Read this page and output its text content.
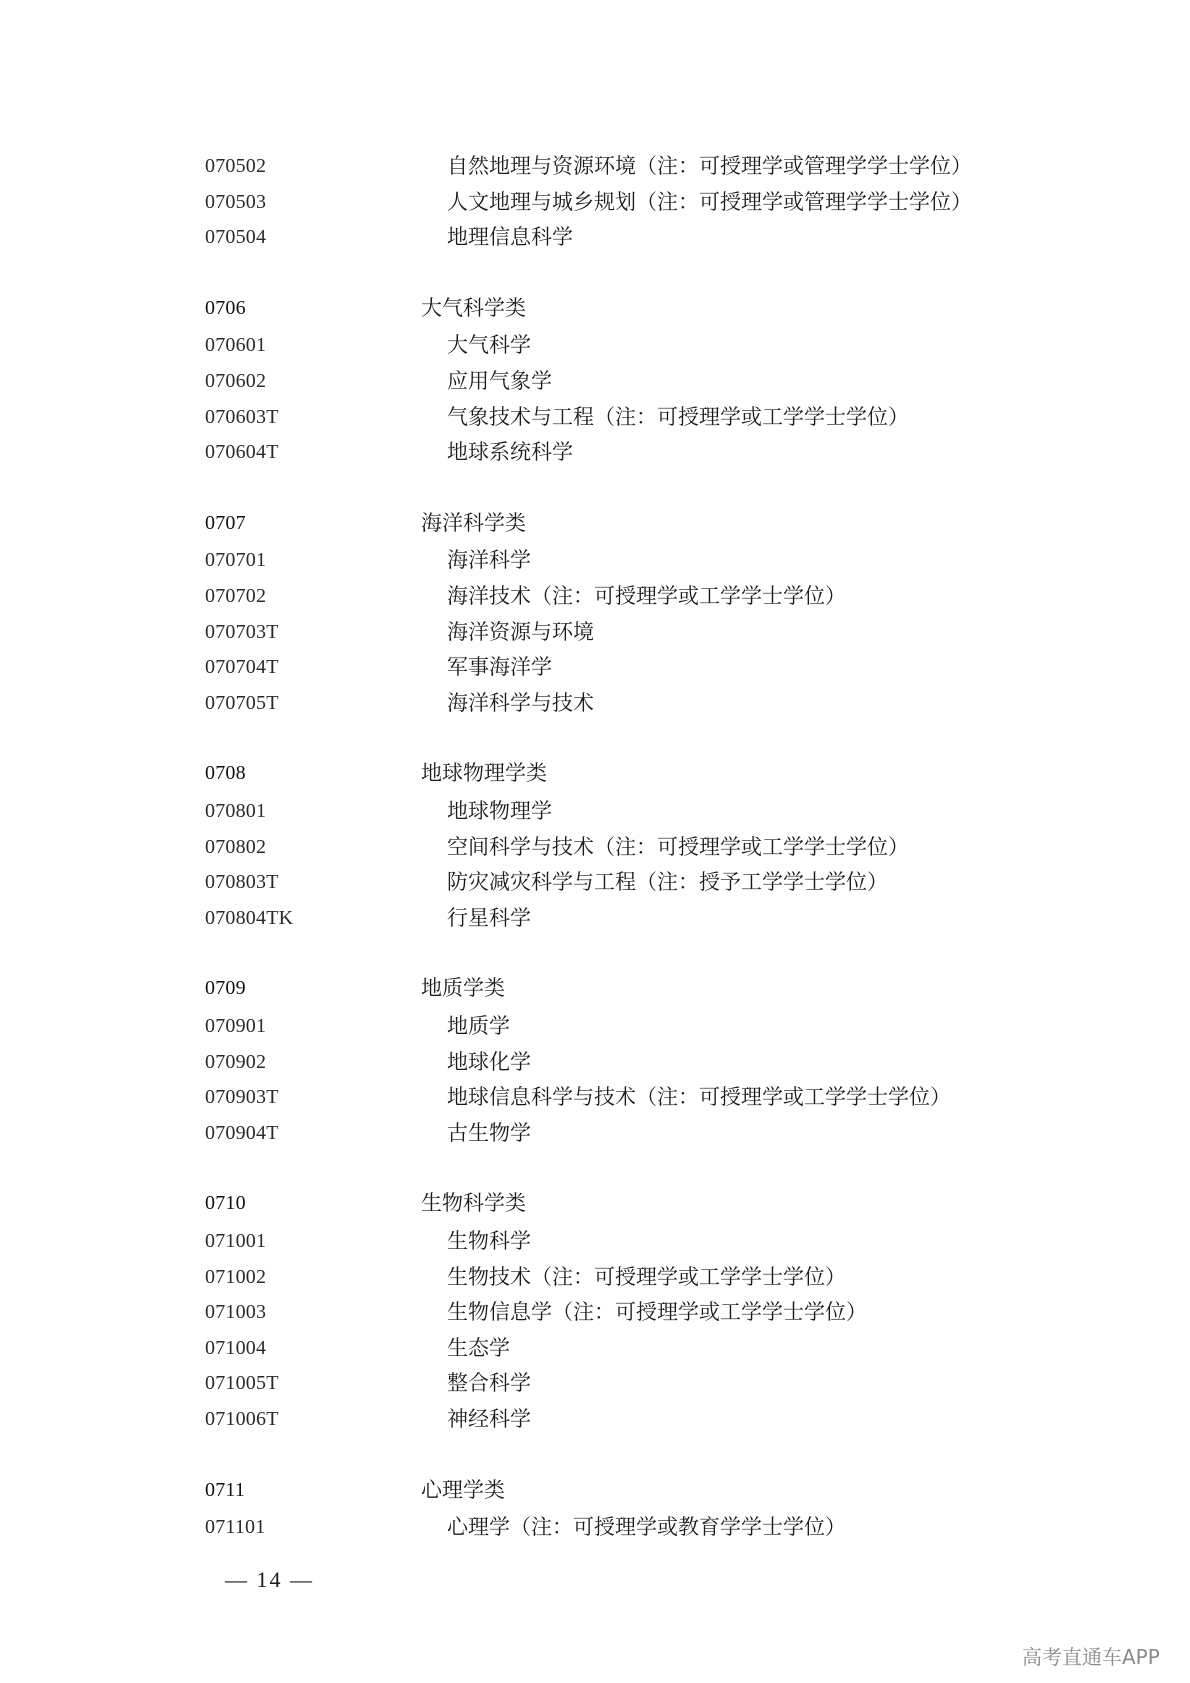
070502	自然地理与资源环境（注：可授理学或管理学学士学位）
070503	人文地理与城乡规划（注：可授理学或管理学学士学位）
070504	地理信息科学
0706	大气科学类
070601	大气科学
070602	应用气象学
070603T	气象技术与工程（注：可授理学或工学学士学位）
070604T	地球系统科学
0707	海洋科学类
070701	海洋科学
070702	海洋技术（注：可授理学或工学学士学位）
070703T	海洋资源与环境
070704T	军事海洋学
070705T	海洋科学与技术
0708	地球物理学类
070801	地球物理学
070802	空间科学与技术（注：可授理学或工学学士学位）
070803T	防灾减灾科学与工程（注：授予工学学士学位）
070804TK	行星科学
0709	地质学类
070901	地质学
070902	地球化学
070903T	地球信息科学与技术（注：可授理学或工学学士学位）
070904T	古生物学
0710	生物科学类
071001	生物科学
071002	生物技术（注：可授理学或工学学士学位）
071003	生物信息学（注：可授理学或工学学士学位）
071004	生态学
071005T	整合科学
071006T	神经科学
0711	心理学类
071101	心理学（注：可授理学或教育学学士学位）
— 14 —
高考直通车APP
